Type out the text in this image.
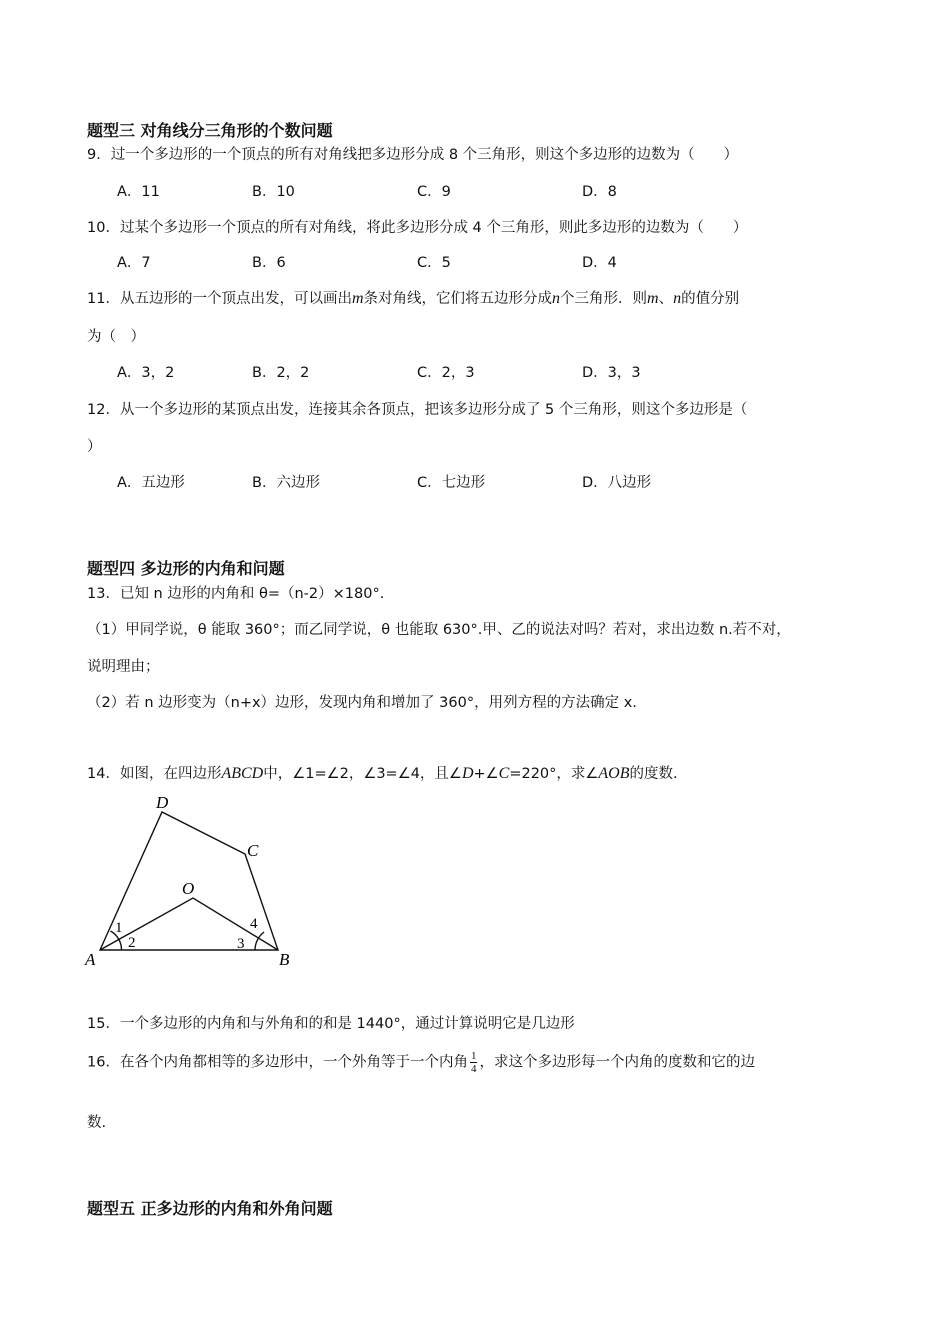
题型三 对角线分三角形的个数问题
9．过一个多边形的一个顶点的所有对角线把多边形分成 8 个三角形，则这个多边形的边数为（　　）
A．11	B．10	C．9	D．8
10．过某个多边形一个顶点的所有对角线，将此多边形分成 4 个三角形，则此多边形的边数为（　　）
A．7	B．6	C．5	D．4
11．从五边形的一个顶点出发，可以画出m条对角线，它们将五边形分成n个三角形．则m、n的值分别
为（　）
A．3，2	B．2，2	C．2，3	D．3，3
12．从一个多边形的某顶点出发，连接其余各顶点，把该多边形分成了 5 个三角形，则这个多边形是（
）
A．五边形	B．六边形	C．七边形	D．八边形
题型四 多边形的内角和问题
13．已知 n 边形的内角和 θ=（n-2）×180°.
（1）甲同学说，θ 能取 360°；而乙同学说，θ 也能取 630°.甲、乙的说法对吗？若对，求出边数 n.若不对，
说明理由；
（2）若 n 边形变为（n+x）边形，发现内角和增加了 360°，用列方程的方法确定 x.
14．如图，在四边形ABCD中，∠1=∠2，∠3=∠4，且∠D+∠C=220°，求∠AOB的度数.
D
C
O
A	B
1
2	3
4
15．一个多边形的内角和与外角和的和是 1440°，通过计算说明它是几边形
16．在各个内角都相等的多边形中，一个外角等于一个内角 $\frac{1}{4}$ ，求这个多边形每一个内角的度数和它的边
数.
题型五 正多边形的内角和外角问题
